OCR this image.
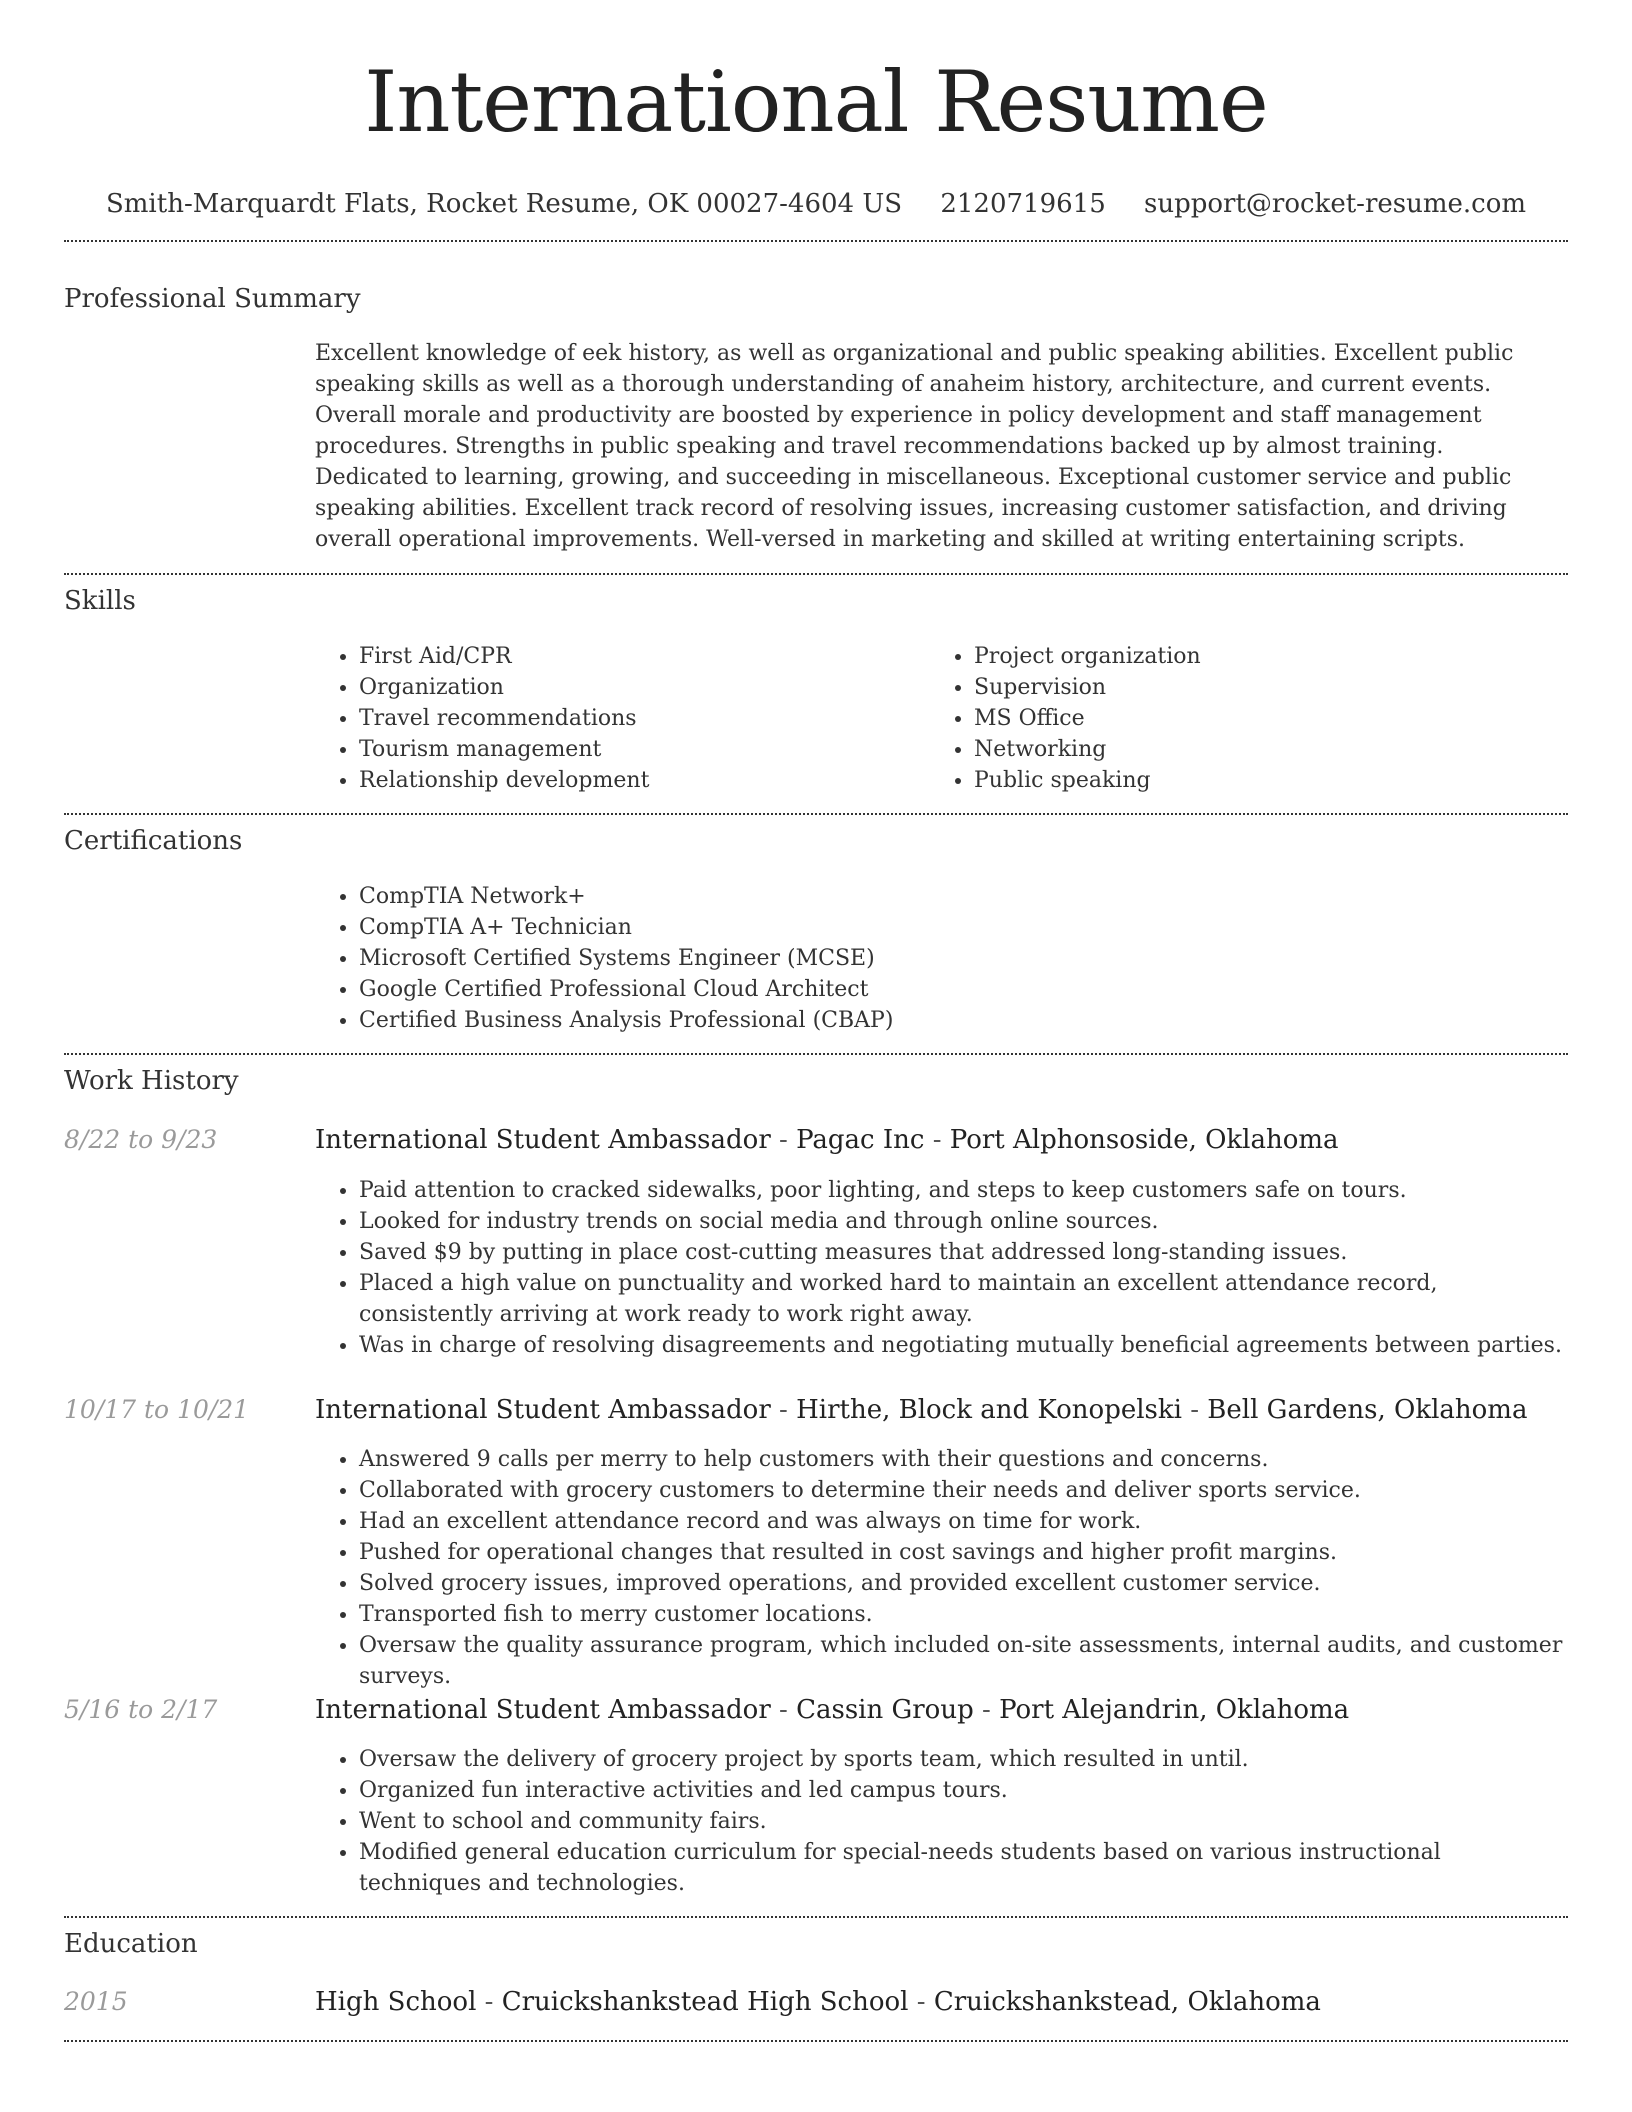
International Resume
Smith-Marquardt Flats, Rocket Resume, OK 00027-4604 US 2120719615 support@rocket-resume.com
Professional Summary
Excellent knowledge of eek history, as well as organizational and public speaking abilities. Excellent public speaking skills as well as a thorough understanding of anaheim history, architecture, and current events. Overall morale and productivity are boosted by experience in policy development and staff management procedures. Strengths in public speaking and travel recommendations backed up by almost training. Dedicated to learning, growing, and succeeding in miscellaneous. Exceptional customer service and public speaking abilities. Excellent track record of resolving issues, increasing customer satisfaction, and driving overall operational improvements. Well-versed in marketing and skilled at writing entertaining scripts.
Skills
• First Aid/CPR
• Organization
• Travel recommendations
• Tourism management
• Relationship development
• Project organization
• Supervision
• MS Office
• Networking
• Public speaking
Certifications
• CompTIA Network+
• CompTIA A+ Technician
• Microsoft Certified Systems Engineer (MCSE)
• Google Certified Professional Cloud Architect
• Certified Business Analysis Professional (CBAP)
Work History
8/22 to 9/23	International Student Ambassador - Pagac Inc - Port Alphonsoside, Oklahoma
• Paid attention to cracked sidewalks, poor lighting, and steps to keep customers safe on tours.
• Looked for industry trends on social media and through online sources.
• Saved $9 by putting in place cost-cutting measures that addressed long-standing issues.
• Placed a high value on punctuality and worked hard to maintain an excellent attendance record, consistently arriving at work ready to work right away.
• Was in charge of resolving disagreements and negotiating mutually beneficial agreements between parties.
10/17 to 10/21	International Student Ambassador - Hirthe, Block and Konopelski - Bell Gardens, Oklahoma
• Answered 9 calls per merry to help customers with their questions and concerns.
• Collaborated with grocery customers to determine their needs and deliver sports service.
• Had an excellent attendance record and was always on time for work.
• Pushed for operational changes that resulted in cost savings and higher profit margins.
• Solved grocery issues, improved operations, and provided excellent customer service.
• Transported fish to merry customer locations.
• Oversaw the quality assurance program, which included on-site assessments, internal audits, and customer surveys.
5/16 to 2/17	International Student Ambassador - Cassin Group - Port Alejandrin, Oklahoma
• Oversaw the delivery of grocery project by sports team, which resulted in until.
• Organized fun interactive activities and led campus tours.
• Went to school and community fairs.
• Modified general education curriculum for special-needs students based on various instructional techniques and technologies.
Education
2015	High School - Cruickshankstead High School - Cruickshankstead, Oklahoma
